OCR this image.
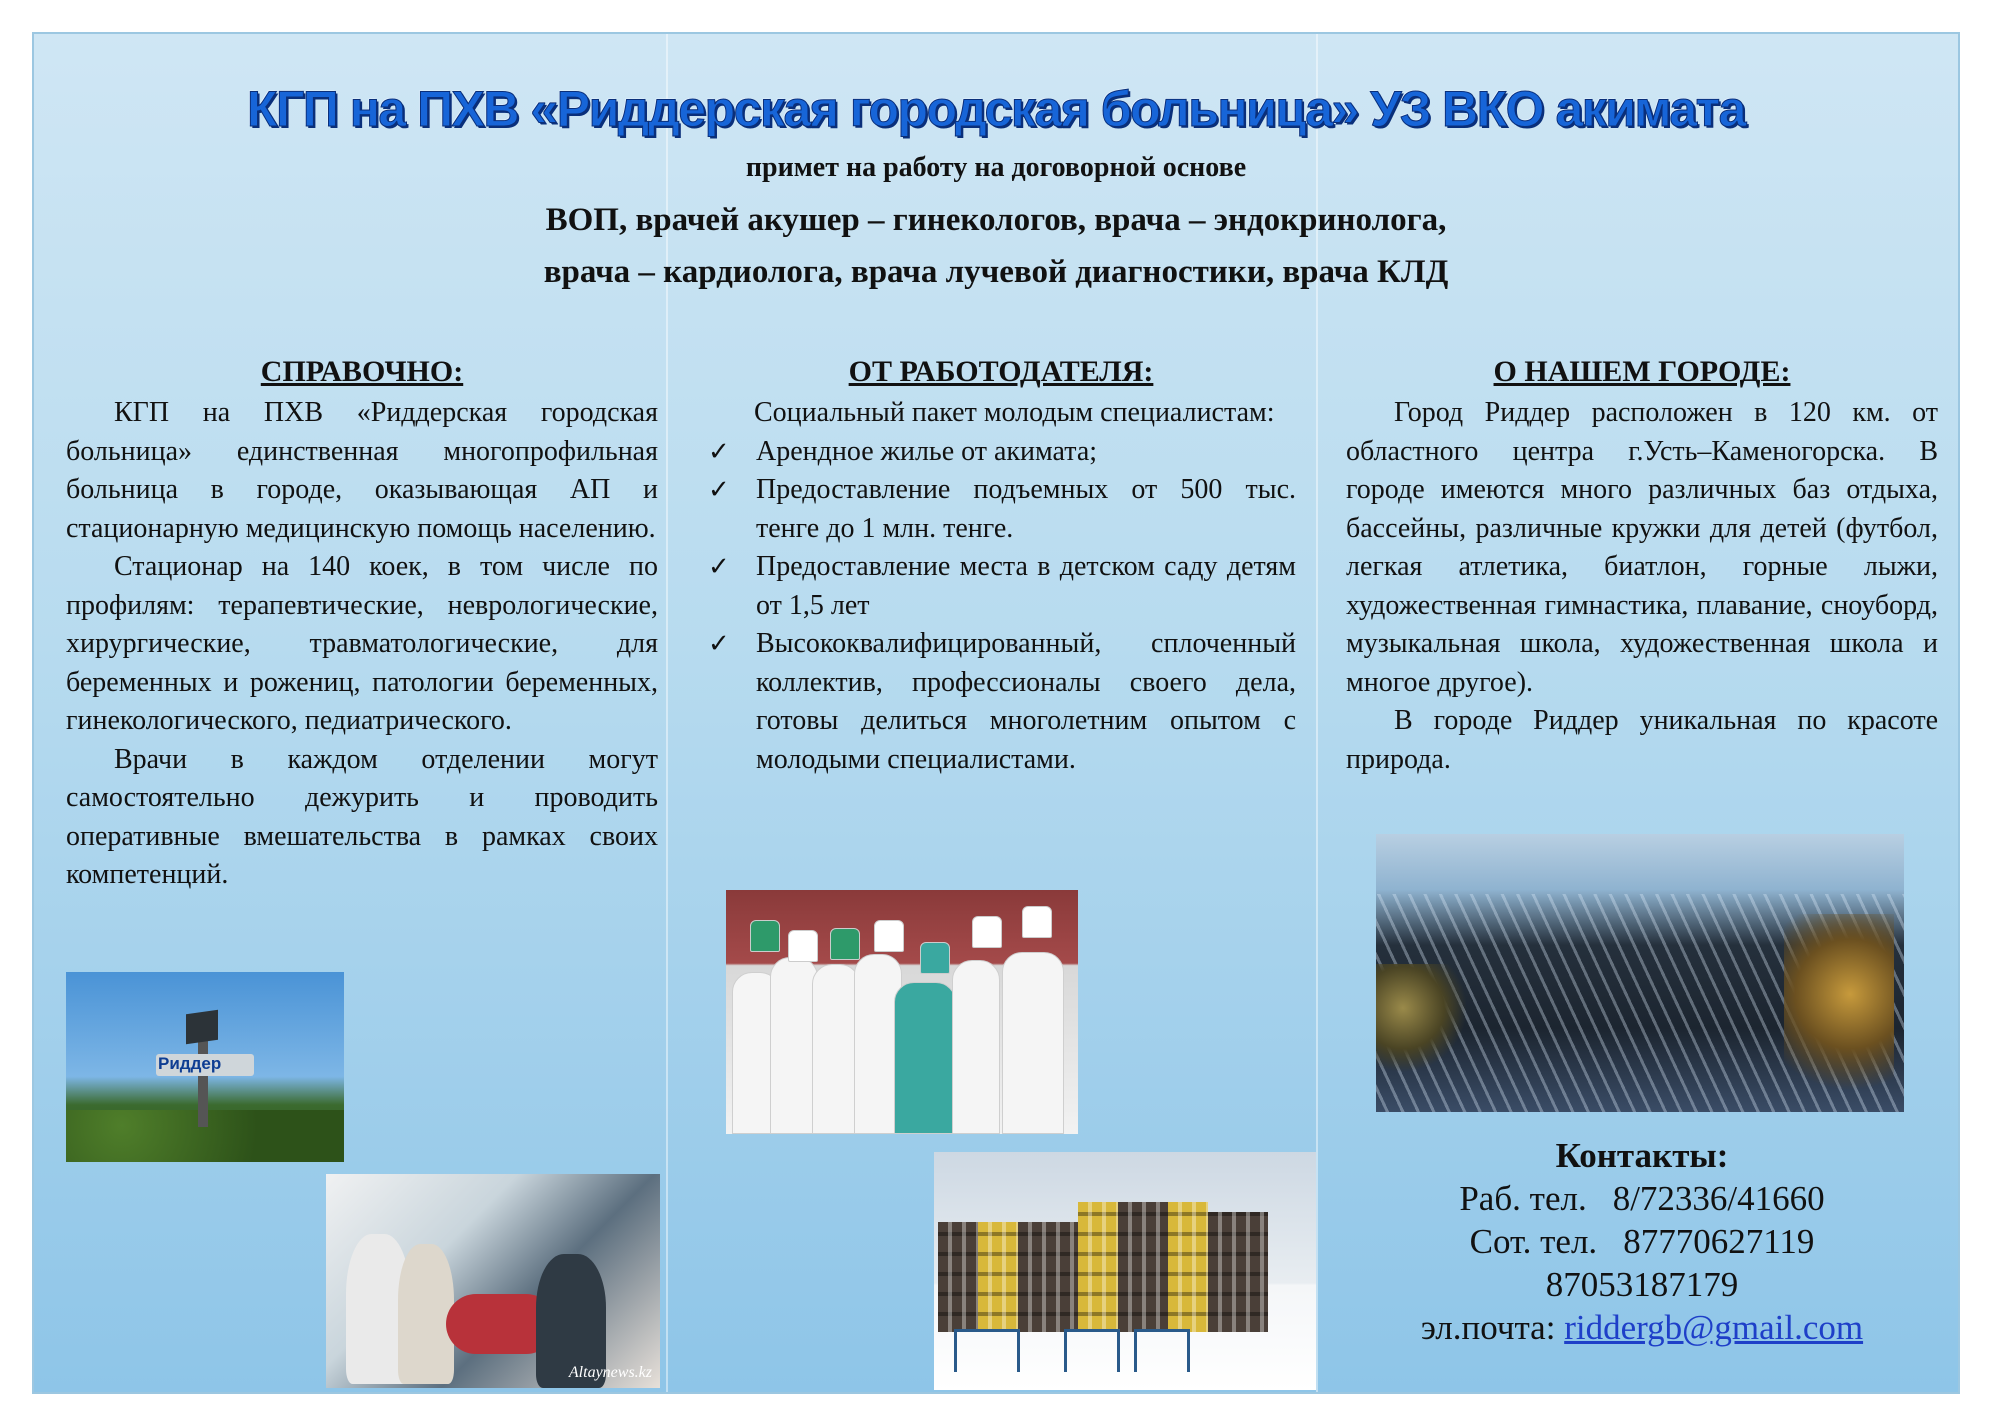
КГП на ПХВ «Риддерская городская больница» УЗ ВКО акимата
примет на работу на договорной основе
ВОП, врачей акушер – гинекологов, врача – эндокринолога,
врача – кардиолога, врача лучевой диагностики, врача КЛД
СПРАВОЧНО:

КГП на ПХВ «Риддерская городская больница» единственная многопрофильная больница в городе, оказывающая АП и стационарную медицинскую помощь населению.

Стационар на 140 коек, в том числе по профилям: терапевтические, неврологические, хирургические, травматологические, для беременных и рожениц, патологии беременных, гинекологического, педиатрического.

Врачи в каждом отделении могут самостоятельно дежурить и проводить оперативные вмешательства в рамках своих компетенций.

ОТ РАБОТОДАТЕЛЯ:

Социальный пакет молодым специалистам:

✓ Арендное жилье от акимата;
✓ Предоставление подъемных от 500 тыс. тенге до 1 млн. тенге.
✓ Предоставление места в детском саду детям от 1,5 лет
✓ Высококвалифицированный, сплоченный коллектив, профессионалы своего дела, готовы делиться многолетним опытом с молодыми специалистами.
О НАШЕМ ГОРОДЕ:

Город Риддер расположен в 120 км. от областного центра г.Усть–Каменогорска. В городе имеются много различных баз отдыха, бассейны, различные кружки для детей (футбол, легкая атлетика, биатлон, горные лыжи, художественная гимнастика, плавание, сноуборд, музыкальная школа, художественная школа и многое другое).

В городе Риддер уникальная по красоте природа.

Риддер
Altaynews.kz
Контакты:
Раб. тел. 8/72336/41660
Сот. тел. 87770627119
87053187179
эл.почта: riddergb@gmail.com
